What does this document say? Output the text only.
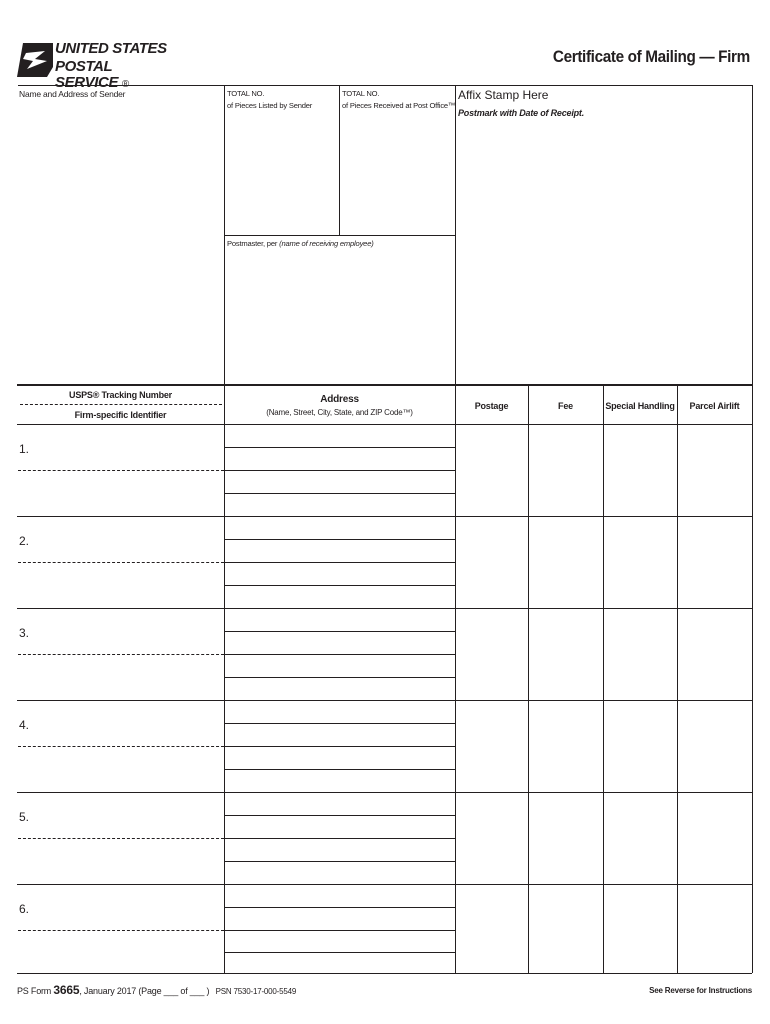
UNITED STATES
POSTAL SERVICE ®
Certificate of Mailing — Firm
Name and Address of Sender	TOTAL NO.
of Pieces Listed by Sender
TOTAL NO.
of Pieces Received at Post Office™
Postmaster, per (name of receiving employee)
Affix Stamp Here
Postmark with Date of Receipt.
USPS® Tracking Number
Firm-specific Identifier
Address
(Name, Street, City, State, and ZIP Code™)
Postage	Fee	Special Handling	Parcel Airlift
1.
2.
3.
4.
5.
6.
PS Form 3665, January 2017 (Page ___ of ___ ) PSN 7530-17-000-5549	See Reverse for Instructions
